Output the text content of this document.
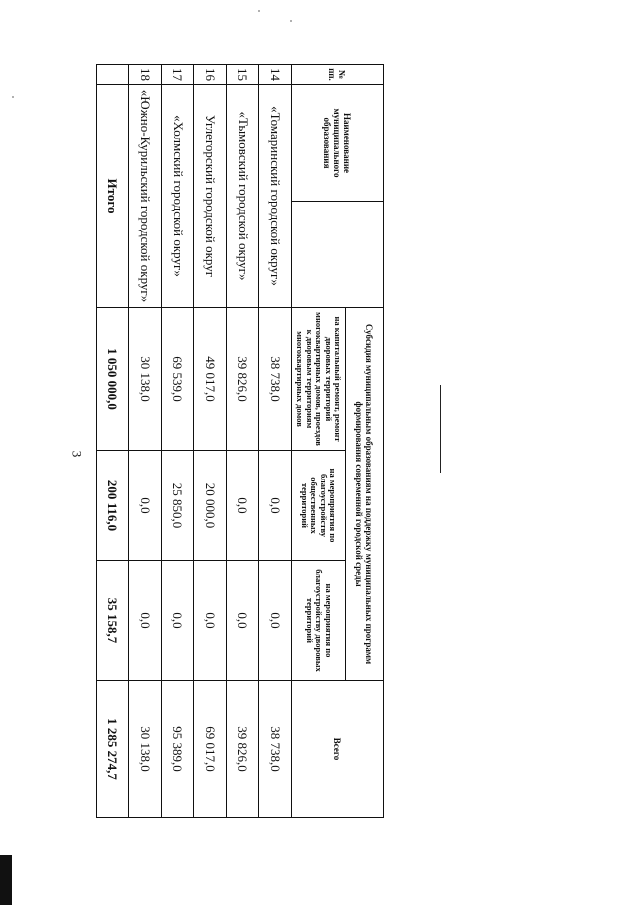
3
№ пп.	Наименование муниципального образования		Субсидия муниципальным образованиям на поддержку муниципальных программ формирования современной городской среды			Всего
			на капитальный ремонт, ремонт дворовых территорий многоквартирных домов, проездов к дворовым территориям многоквартирных домов	на мероприятия по благоустройству общественных территорий	на мероприятия по благоустройству дворовых территорий	
14	«Томаринский городской округ»		38 738,0	0,0	0,0	38 738,0
15	«Тымовский городской округ»		39 826,0	0,0	0,0	39 826,0
16	Углегорский городской округ		49 017,0	20 000,0	0,0	69 017,0
17	«Холмский городской округ»		69 539,0	25 850,0	0,0	95 389,0
18	«Южно-Курильский городской округ»		30 138,0	0,0	0,0	30 138,0
	Итого		1 050 000,0	200 116,0	35 158,7	1 285 274,7
